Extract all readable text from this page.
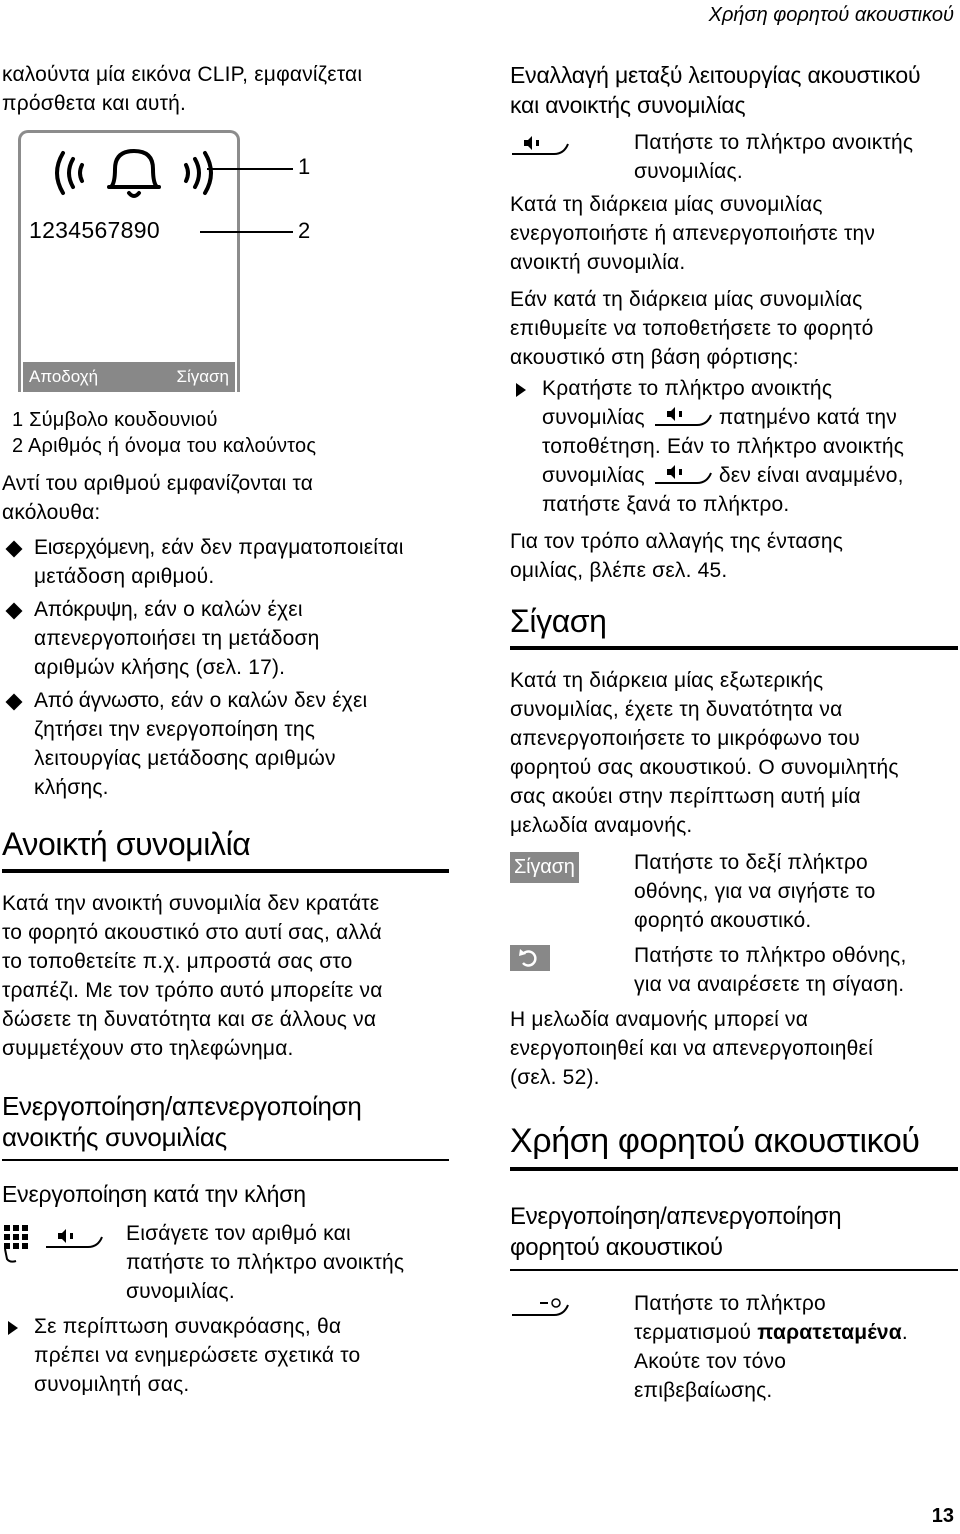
Χρήση φορητού ακουστικού
καλούντα μία εικόνα CLIP, εμφανίζεται
πρόσθετα και αυτή.
1234567890
Αποδοχή	Σίγαση
1
2
1 Σύμβολο κουδουνιού
2 Αριθμός ή όνομα του καλούντος
Αντί του αριθμού εμφανίζονται τα
ακόλουθα:
Εισερχόμενη, εάν δεν πραγματοποιείται
μετάδοση αριθμού.
Απόκρυψη, εάν ο καλών έχει
απενεργοποιήσει τη μετάδοση
αριθμών κλήσης (σελ. 17).
Από άγνωστο, εάν ο καλών δεν έχει
ζητήσει την ενεργοποίηση της
λειτουργίας μετάδοσης αριθμών
κλήσης.
Ανοικτή συνομιλία
Κατά την ανοικτή συνομιλία δεν κρατάτε
το φορητό ακουστικό στο αυτί σας, αλλά
το τοποθετείτε π.χ. μπροστά σας στο
τραπέζι. Με τον τρόπο αυτό μπορείτε να
δώσετε τη δυνατότητα και σε άλλους να
συμμετέχουν στο τηλεφώνημα.
Ενεργοποίηση/απενεργοποίηση
ανοικτής συνομιλίας
Ενεργοποίηση κατά την κλήση
Εισάγετε τον αριθμό και
πατήστε το πλήκτρο ανοικτής
συνομιλίας.
Σε περίπτωση συνακρόασης, θα
πρέπει να ενημερώσετε σχετικά το
συνομιλητή σας.
Εναλλαγή μεταξύ λειτουργίας ακουστικού
και ανοικτής συνομιλίας
Πατήστε το πλήκτρο ανοικτής
συνομιλίας.
Κατά τη διάρκεια μίας συνομιλίας
ενεργοποιήστε ή απενεργοποιήστε την
ανοικτή συνομιλία.
Εάν κατά τη διάρκεια μίας συνομιλίας
επιθυμείτε να τοποθετήσετε το φορητό
ακουστικό στη βάση φόρτισης:
Κρατήστε το πλήκτρο ανοικτής
συνομιλίας	πατημένο κατά την
τοποθέτηση. Εάν το πλήκτρο ανοικτής
συνομιλίας	δεν είναι αναμμένο,
πατήστε ξανά το πλήκτρο.
Για τον τρόπο αλλαγής της έντασης
ομιλίας, βλέπε σελ. 45.
Σίγαση
Κατά τη διάρκεια μίας εξωτερικής
συνομιλίας, έχετε τη δυνατότητα να
απενεργοποιήσετε το μικρόφωνο του
φορητού σας ακουστικού. Ο συνομιλητής
σας ακούει στην περίπτωση αυτή μία
μελωδία αναμονής.
Σίγαση	Πατήστε το δεξί πλήκτρο
οθόνης, για να σιγήστε το
φορητό ακουστικό.
Πατήστε το πλήκτρο οθόνης,
για να αναιρέσετε τη σίγαση.
Η μελωδία αναμονής μπορεί να
ενεργοποιηθεί και να απενεργοποιηθεί
(σελ. 52).
Χρήση φορητού ακουστικού
Ενεργοποίηση/απενεργοποίηση
φορητού ακουστικού
Πατήστε το πλήκτρο
τερματισμού παρατεταμένα.
Ακούτε τον τόνο
επιβεβαίωσης.
13
